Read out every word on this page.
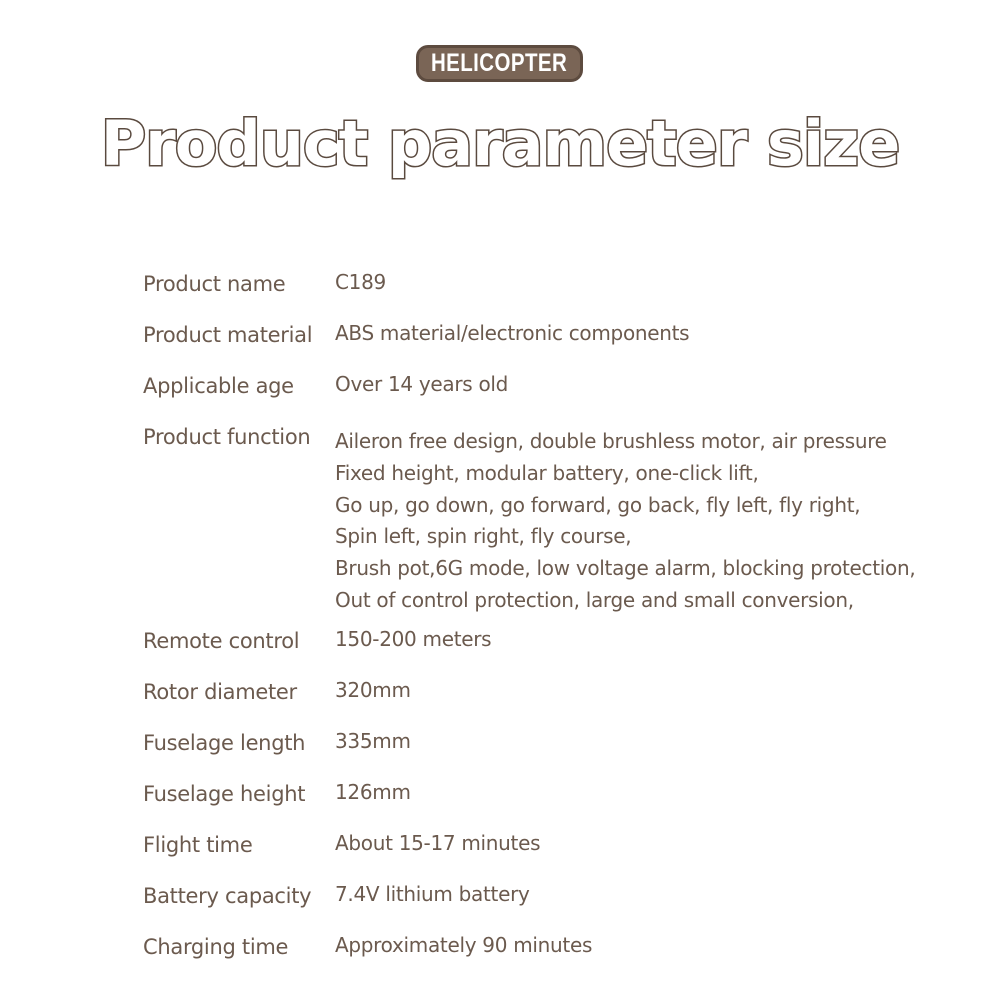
HELICOPTER
Product parameter size
Product name C189
Product material ABS material/electronic components
Applicable age Over 14 years old
Product function Aileron free design, double brushless motor, air pressure
Fixed height, modular battery, one-click lift,
Go up, go down, go forward, go back, fly left, fly right,
Spin left, spin right, fly course,
Brush pot,6G mode, low voltage alarm, blocking protection,
Out of control protection, large and small conversion,
Remote control 150-200 meters
Rotor diameter 320mm
Fuselage length 335mm
Fuselage height 126mm
Flight time	About 15-17 minutes
Battery capacity 7.4V lithium battery
Charging time Approximately 90 minutes
